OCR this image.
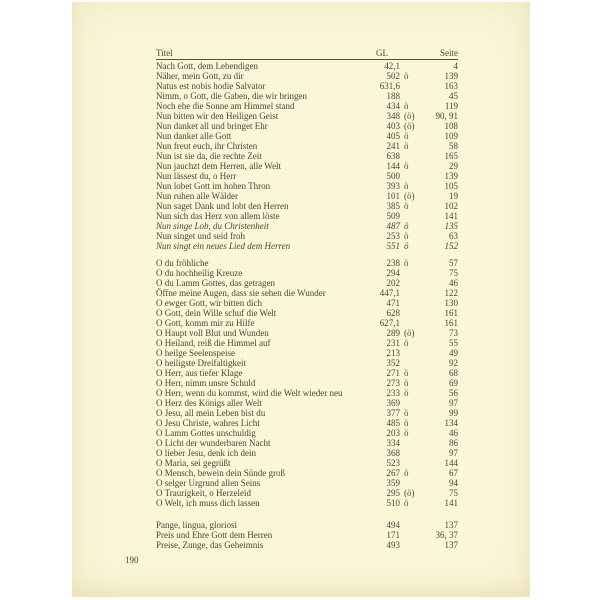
Titel	GL	Seite
Nach Gott, dem Lebendigen	42,1	4
Näher, mein Gott, zu dir	502 ö	139
Natus est nobis hodie Salvator	631,6	163
Nimm, o Gott, die Gaben, die wir bringen	188	45
Noch ehe die Sonne am Himmel stand	434 ö	119
Nun bitten wir den Heiligen Geist	348 (ö)	90, 91
Nun danket all und bringet Ehr	403 (ö)	108
Nun danket alle Gott	405 ö	109
Nun freut euch, ihr Christen	241 ö	58
Nun ist sie da, die rechte Zeit	638	165
Nun jauchzt dem Herren, alle Welt	144 ö	29
Nun lässest du, o Herr	500	139
Nun lobet Gott im hohen Thron	393 ö	105
Nun ruhen alle Wälder	101 (ö)	19
Nun saget Dank und lobt den Herren	385 ö	102
Nun sich das Herz von allem löste	509	141
Nun singe Lob, du Christenheit	487 ö	135
Nun singet und seid froh	253 ö	63
Nun singt ein neues Lied dem Herren	551 ö	152
O du fröhliche	238 ö	57
O du hochheilig Kreuze	294	75
O du Lamm Gottes, das getragen	202	46
Öffne meine Augen, dass sie sehen die Wunder	447,1	122
O ewger Gott, wir bitten dich	471	130
O Gott, dein Wille schuf die Welt	628	161
O Gott, komm mir zu Hilfe	627,1	161
O Haupt voll Blut und Wunden	289 (ö)	73
O Heiland, reiß die Himmel auf	231 ö	55
O heilge Seelenspeise	213	49
O heiligste Dreifaltigkeit	352	92
O Herr, aus tiefer Klage	271 ö	68
O Herr, nimm unsre Schuld	273 ö	69
O Herr, wenn du kommst, wird die Welt wieder neu	233 ö	56
O Herz des Königs aller Welt	369	97
O Jesu, all mein Leben bist du	377 ö	99
O Jesu Christe, wahres Licht	485 ö	134
O Lamm Gottes unschuldig	203 ö	46
O Licht der wunderbaren Nacht	334	86
O lieber Jesu, denk ich dein	368	97
O Maria, sei gegrüßt	523	144
O Mensch, bewein dein Sünde groß	267 ö	67
O selger Urgrund allen Seins	359	94
O Traurigkeit, o Herzeleid	295 (ö)	75
O Welt, ich muss dich lassen	510 ö	141
Pange, lingua, gloriosi	494	137
Preis und Ehre Gott dem Herren	171	36, 37
Preise, Zunge, das Geheimnis	493	137
190
